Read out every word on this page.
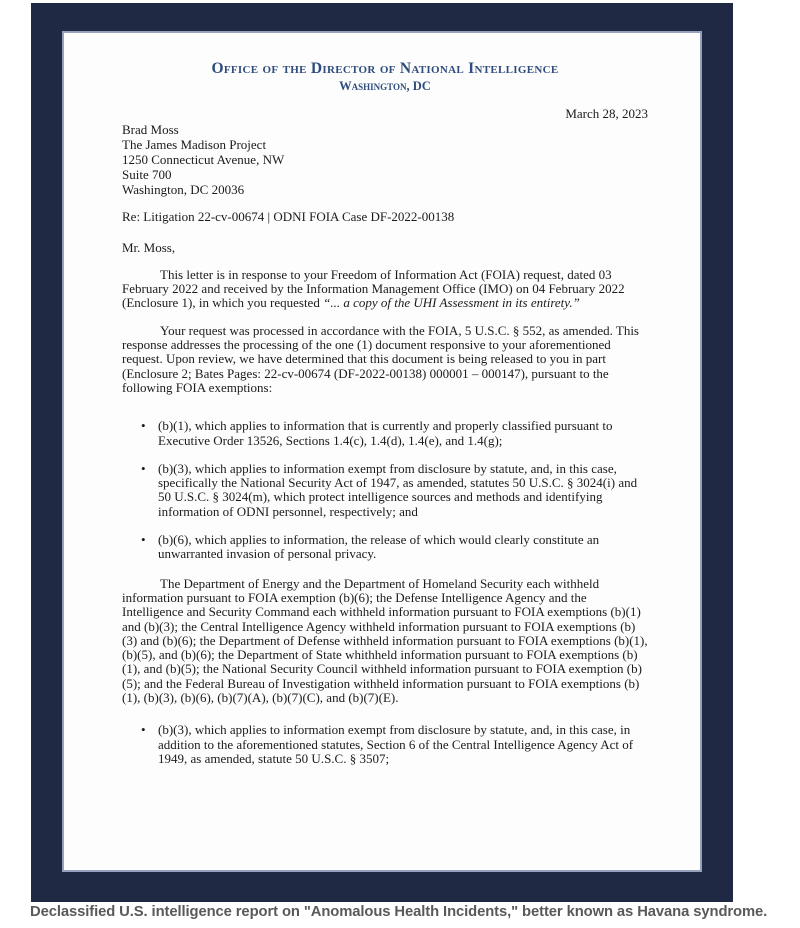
Office of the Director of National Intelligence
Washington, DC
March 28, 2023
Brad Moss
The James Madison Project
1250 Connecticut Avenue, NW
Suite 700
Washington, DC 20036
Re: Litigation 22-cv-00674 | ODNI FOIA Case DF-2022-00138
Mr. Moss,

This letter is in response to your Freedom of Information Act (FOIA) request, dated 03 February 2022 and received by the Information Management Office (IMO) on 04 February 2022 (Enclosure 1), in which you requested “... a copy of the UHI Assessment in its entirety.”

Your request was processed in accordance with the FOIA, 5 U.S.C. § 552, as amended. This response addresses the processing of the one (1) document responsive to your aforementioned request. Upon review, we have determined that this document is being released to you in part (Enclosure 2; Bates Pages: 22-cv-00674 (DF-2022-00138) 000001 – 000147), pursuant to the following FOIA exemptions:

• (b)(1), which applies to information that is currently and properly classified pursuant to Executive Order 13526, Sections 1.4(c), 1.4(d), 1.4(e), and 1.4(g);
• (b)(3), which applies to information exempt from disclosure by statute, and, in this case, specifically the National Security Act of 1947, as amended, statutes 50 U.S.C. § 3024(i) and 50 U.S.C. § 3024(m), which protect intelligence sources and methods and identifying information of ODNI personnel, respectively; and
• (b)(6), which applies to information, the release of which would clearly constitute an unwarranted invasion of personal privacy.

The Department of Energy and the Department of Homeland Security each withheld information pursuant to FOIA exemption (b)(6); the Defense Intelligence Agency and the Intelligence and Security Command each withheld information pursuant to FOIA exemptions (b)(1) and (b)(3); the Central Intelligence Agency withheld information pursuant to FOIA exemptions (b)(3) and (b)(6); the Department of Defense withheld information pursuant to FOIA exemptions (b)(1), (b)(5), and (b)(6); the Department of State whithheld information pursuant to FOIA exemptions (b)(1), and (b)(5); the National Security Council withheld information pursuant to FOIA exemption (b)(5); and the Federal Bureau of Investigation withheld information pursuant to FOIA exemptions (b)(1), (b)(3), (b)(6), (b)(7)(A), (b)(7)(C), and (b)(7)(E).

• (b)(3), which applies to information exempt from disclosure by statute, and, in this case, in addition to the aforementioned statutes, Section 6 of the Central Intelligence Agency Act of 1949, as amended, statute 50 U.S.C. § 3507;
Declassified U.S. intelligence report on "Anomalous Health Incidents," better known as Havana syndrome.
